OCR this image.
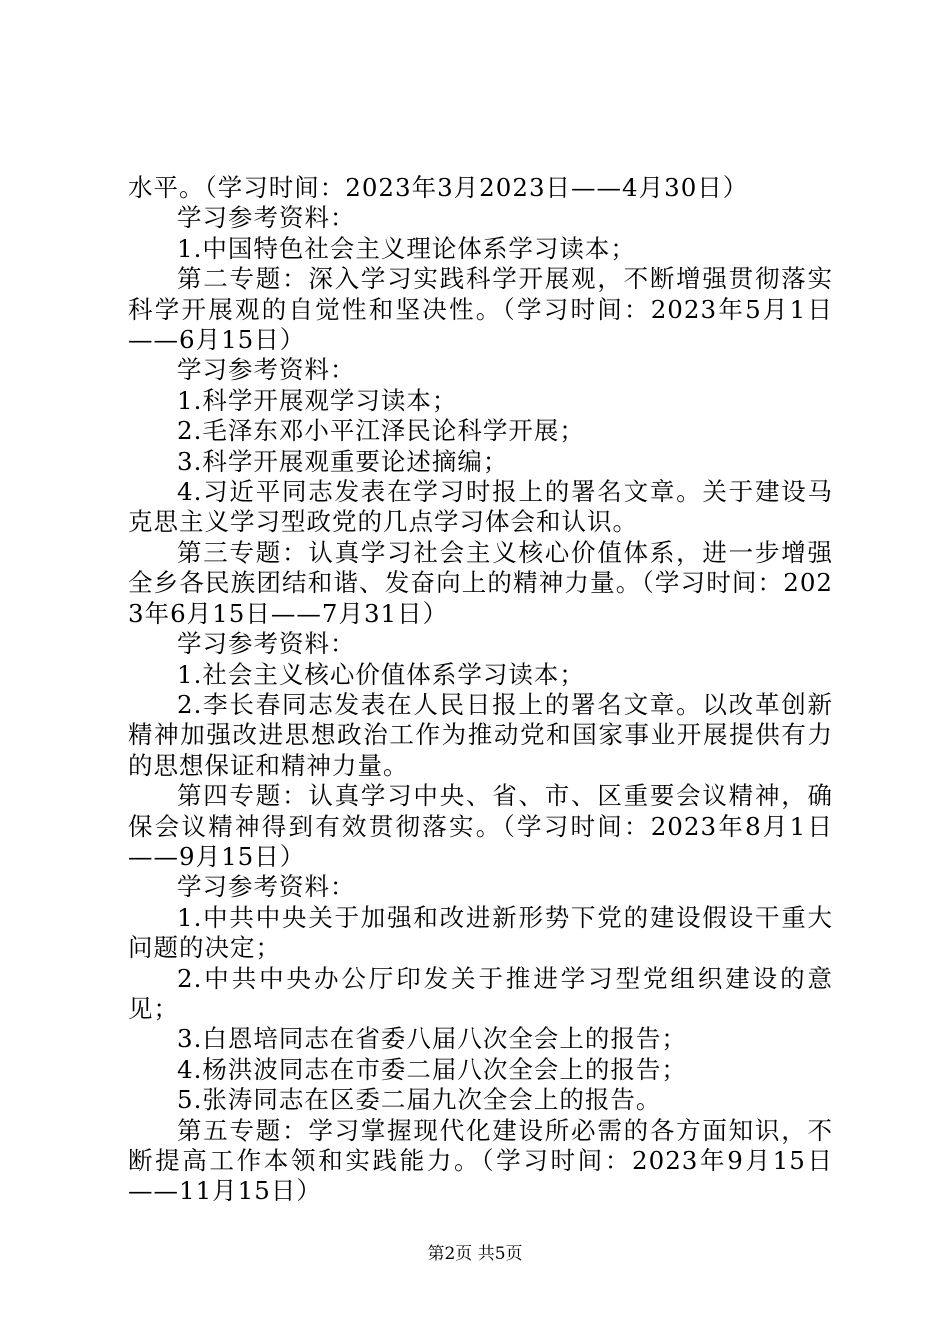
水平。（学习时间：2023年3月2023日——4月30日）

学习参考资料：

1.中国特色社会主义理论体系学习读本；

第二专题：深入学习实践科学开展观，不断增强贯彻落实科学开展观的自觉性和坚决性。（学习时间：2023年5月1日——6月15日）

学习参考资料：

1.科学开展观学习读本；

2.毛泽东邓小平江泽民论科学开展；

3.科学开展观重要论述摘编；

4.习近平同志发表在学习时报上的署名文章。关于建设马克思主义学习型政党的几点学习体会和认识。

第三专题：认真学习社会主义核心价值体系，进一步增强全乡各民族团结和谐、发奋向上的精神力量。（学习时间：2023年6月15日——7月31日）

学习参考资料：

1.社会主义核心价值体系学习读本；

2.李长春同志发表在人民日报上的署名文章。以改革创新精神加强改进思想政治工作为推动党和国家事业开展提供有力的思想保证和精神力量。

第四专题：认真学习中央、省、市、区重要会议精神，确保会议精神得到有效贯彻落实。（学习时间：2023年8月1日——9月15日）

学习参考资料：

1.中共中央关于加强和改进新形势下党的建设假设干重大问题的决定；

2.中共中央办公厅印发关于推进学习型党组织建设的意见；

3.白恩培同志在省委八届八次全会上的报告；

4.杨洪波同志在市委二届八次全会上的报告；

5.张涛同志在区委二届九次全会上的报告。

第五专题：学习掌握现代化建设所必需的各方面知识，不断提高工作本领和实践能力。（学习时间：2023年9月15日——11月15日）

第2页 共5页
